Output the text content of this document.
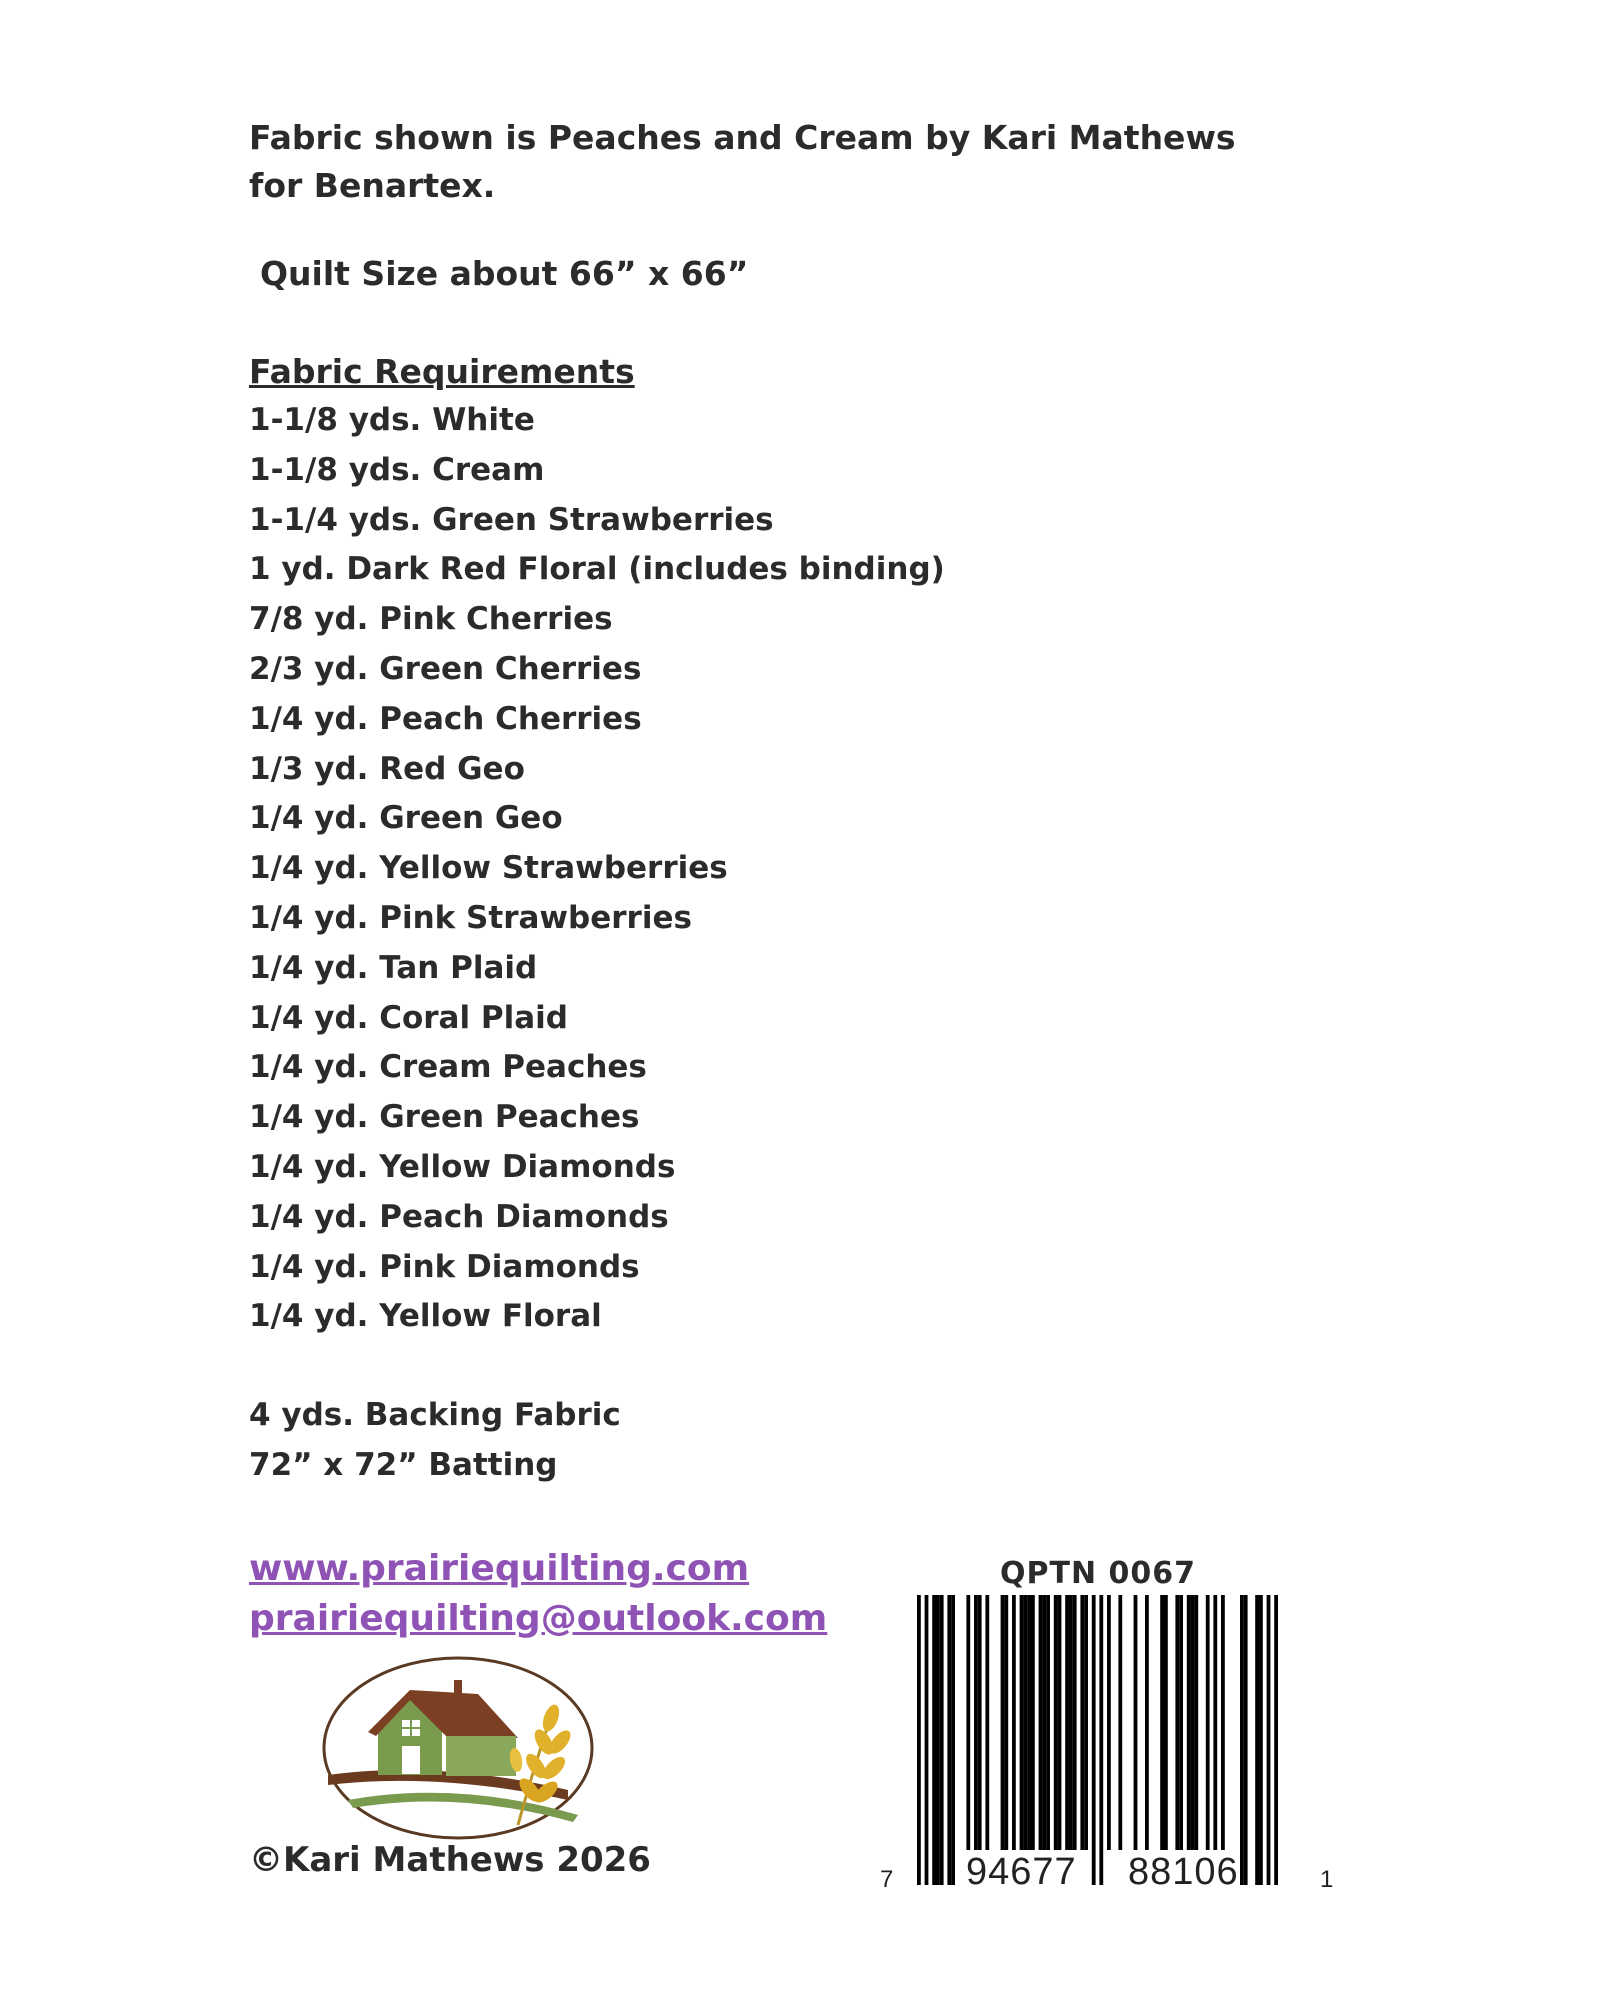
Fabric shown is Peaches and Cream by Kari Mathews
for Benartex.
Quilt Size about 66” x 66”
Fabric Requirements
1-1/8 yds. White
1-1/8 yds. Cream
1-1/4 yds. Green Strawberries
1 yd. Dark Red Floral (includes binding)
7/8 yd. Pink Cherries
2/3 yd. Green Cherries
1/4 yd. Peach Cherries
1/3 yd. Red Geo
1/4 yd. Green Geo
1/4 yd. Yellow Strawberries
1/4 yd. Pink Strawberries
1/4 yd. Tan Plaid
1/4 yd. Coral Plaid
1/4 yd. Cream Peaches
1/4 yd. Green Peaches
1/4 yd. Yellow Diamonds
1/4 yd. Peach Diamonds
1/4 yd. Pink Diamonds
1/4 yd. Yellow Floral
4 yds. Backing Fabric
72” x 72” Batting
www.prairiequilting.com
prairiequilting@outlook.com
©Kari Mathews 2026
QPTN 0067
7 94677 88106	1
